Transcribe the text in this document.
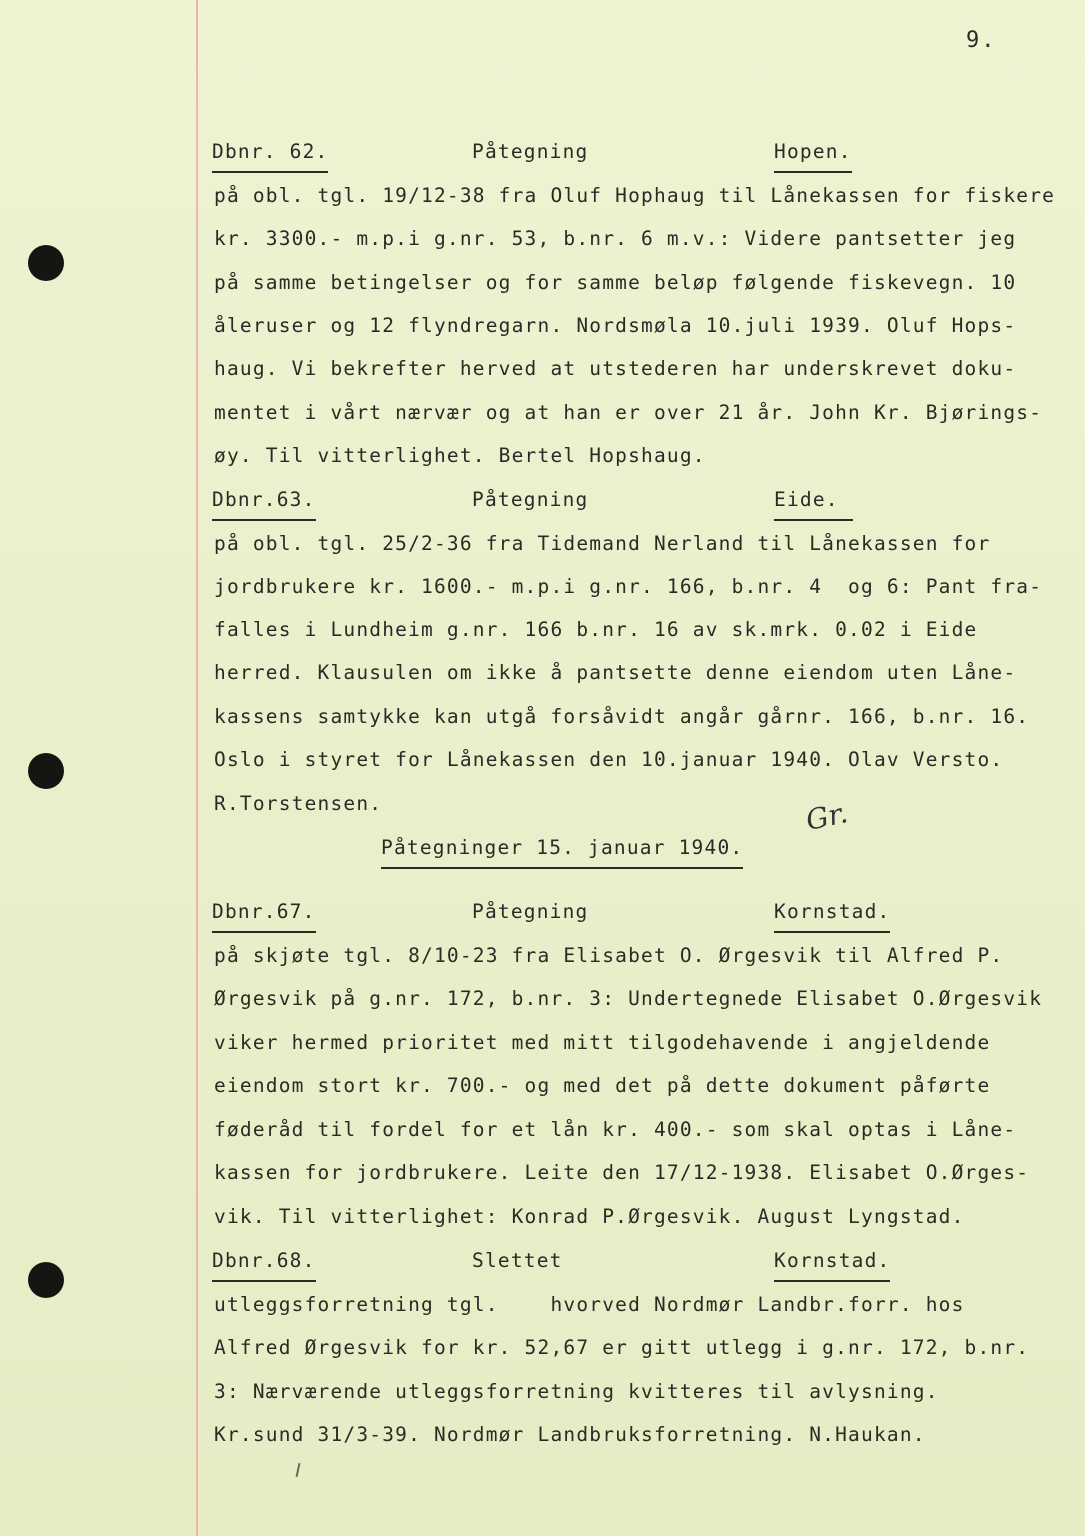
9.
Dbnr. 62.	Påtegning	Hopen.
på obl. tgl. 19/12-38 fra Oluf Hophaug til Lånekassen for fiskere
kr. 3300.- m.p.i g.nr. 53, b.nr. 6 m.v.: Videre pantsetter jeg
på samme betingelser og for samme beløp følgende fiskevegn. 10
åleruser og 12 flyndregarn. Nordsmøla 10.juli 1939. Oluf Hops-
haug. Vi bekrefter herved at utstederen har underskrevet doku-
mentet i vårt nærvær og at han er over 21 år. John Kr. Bjørings-
øy. Til vitterlighet. Bertel Hopshaug.
Dbnr.63.	Påtegning	Eide.
på obl. tgl. 25/2-36 fra Tidemand Nerland til Lånekassen for
jordbrukere kr. 1600.- m.p.i g.nr. 166, b.nr. 4  og 6: Pant fra-
falles i Lundheim g.nr. 166 b.nr. 16 av sk.mrk. 0.02 i Eide
herred. Klausulen om ikke å pantsette denne eiendom uten Låne-
kassens samtykke kan utgå forsåvidt angår gårnr. 166, b.nr. 16.
Oslo i styret for Lånekassen den 10.januar 1940. Olav Versto.
R.Torstensen.	Gr.
Påtegninger 15. januar 1940.
Dbnr.67.	Påtegning	Kornstad.
på skjøte tgl. 8/10-23 fra Elisabet O. Ørgesvik til Alfred P.
Ørgesvik på g.nr. 172, b.nr. 3: Undertegnede Elisabet O.Ørgesvik
viker hermed prioritet med mitt tilgodehavende i angjeldende
eiendom stort kr. 700.- og med det på dette dokument påførte
føderåd til fordel for et lån kr. 400.- som skal optas i Låne-
kassen for jordbrukere. Leite den 17/12-1938. Elisabet O.Ørges-
vik. Til vitterlighet: Konrad P.Ørgesvik. August Lyngstad.
Dbnr.68.	Slettet	Kornstad.
utleggsforretning tgl.    hvorved Nordmør Landbr.forr. hos
Alfred Ørgesvik for kr. 52,67 er gitt utlegg i g.nr. 172, b.nr.
3: Nærværende utleggsforretning kvitteres til avlysning.
Kr.sund 31/3-39. Nordmør Landbruksforretning. N.Haukan.
